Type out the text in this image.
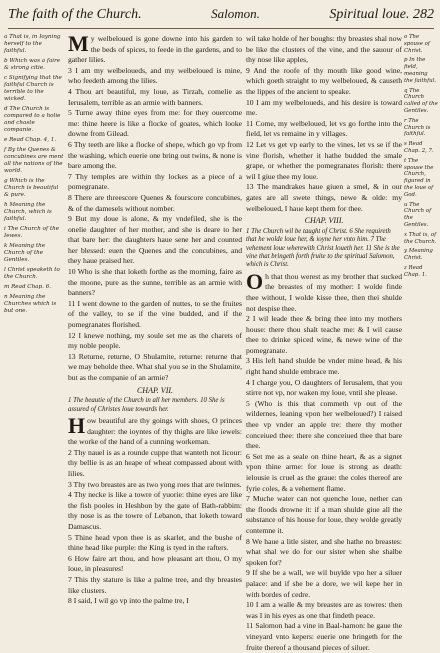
The faith of the Church.	Salomon.	Spiritual loue. 282
a That is, in Ioyning herself to the faithful.
b Which was a faire & strong citie.
c Signifying that the faithful Church is terrible to the wicked.
d The Church is compared to a holie and chaste companie.
e Read Chap. 4, 1.
f By the Quenes & concubines are ment all the nations of the world.
g Which is the Church is beautiful & pure.
h Meaning the Church, which is faithful.
i The Church of the Iewes.
k Meaning the Church of the Gentiles.
l Christ speaketh to the Church.
m Read Chap. 6.
n Meaning the Churches which is but one.

My welbeloued is gone downe into his garden to the beds of spices, to feede in the gardens, and to gather lilies.

3 I am my welbeloueds, and my welbeloued is mine, who feedeth among the lilies.

4 Thou art beautiful, my loue, as Tirzah, comelie as Ierusalem, terrible as an armie with banners.

5 Turne away thine eyes from me: for they ouercome me: thine heere is like a flocke of goates, which looke downe from Gilead.

6 Thy teeth are like a flocke of shepe, which go vp from the washing, which euerie one bring out twins, & none is bare among the.

7 Thy temples are within thy lockes as a piece of a pomegranate.

8 There are threescore Quenes & fourscore concubines, & of the damesels without nomber.

9 But my doue is alone, & my vndefiled, she is the onelie daughter of her mother, and she is deare to her that bare her: the daughters haue sene her and counted her blessed: euen the Quenes and the concubines, and they haue praised her.

10 Who is she that loketh forthe as the morning, faire as the moone, pure as the sunne, terrible as an armie with banners?

11 I went downe to the garden of nuttes, to se the fruites of the valley, to se if the vine budded, and if the pomegranates florished.

12 I knewe nothing, my soule set me as the charets of my noble people.

13 Returne, returne, O Shulamite, returne: returne that we may beholde thee. What shal you se in the Shulamite, but as the companie of an armie?

CHAP. VII.

1 The beautie of the Church in all her members. 10 She is assured of Christes loue towards her.

How beautiful are thy goings with shoes, O princes daughter: the ioyntes of thy thighs are like iewels: the worke of the hand of a cunning workeman.

2 Thy nauel is as a rounde cuppe that wanteth not licour: thy bellie is as an heape of wheat compassed about with lilies.

3 Thy two breastes are as two yong roes that are twinnes.

4 Thy necke is like a towre of yuorie: thine eyes are like the fish pooles in Heshbon by the gate of Bath-rabbim: thy nose is as the towre of Lebanon, that loketh toward Damascus.

5 Thine head vpon thee is as skarlet, and the bushe of thine head like purple: the King is tyed in the rafters.

6 How faire art thou, and how pleasant art thou, O my loue, in pleasures!

7 This thy stature is like a palme tree, and thy breastes like clusters.

8 I said, I wil go vp into the palme tre, I

wil take holde of her boughs: thy breastes shal now be like the clusters of the vine, and the sauour of thy nose like apples,

9 And the roofe of thy mouth like good wine, which goeth straight to my welbeloued, & causeth the lippes of the ancient to speake.

10 I am my welbeloueds, and his desire is toward me.

11 Come, my welbeloued, let vs go forthe into the field, let vs remaine in y villages.

12 Let vs get vp early to the vines, let vs se if the vine florish, whether it hathe budded the smale grape, or whether the pomegranates florish: there wil I giue thee my loue.

13 The mandrakes haue giuen a smel, & in our gates are all swete things, newe & olde: my welbeloued, I haue kept them for thee.

CHAP. VIII.

1 The Church wil be taught of Christ. 6 She requireth that he wolde loue her, & ioyne her vnto him. 7 The vehement loue wherewith Christ loueth her. 11 She is the vine that bringeth forth fruite to the spiritual Salomon, which is Christ.

Oh that thou werest as my brother that sucked the breastes of my mother: I wolde finde thee without, I wolde kisse thee, then thei shulde not despise thee.

2 I wil leade thee & bring thee into my mothers house: there thou shalt teache me: & I wil cause thee to drinke spiced wine, & newe wine of the pomegranate.

3 His left hand shulde be vnder mine head, & his right hand shulde embrace me.

4 I charge you, O daughters of Ierusalem, that you stirre not vp, nor waken my loue, vntil she please.

5 (Who is this that commeth vp out of the wildernes, leaning vpon her welbeloued?) I raised thee vp vnder an apple tre: there thy mother conceiued thee: there she conceiued thee that bare thee.

6 Set me as a seale on thine heart, & as a signet vpon thine arme: for loue is strong as death: ielousie is cruel as the graue: the coles thereof are fyrie coles, & a vehement flame.

7 Muche water can not quenche loue, nether can the floods drowne it: if a man shulde giue all the substance of his house for loue, they wolde greatly contemne it.

8 We haue a litle sister, and she hathe no breastes: what shal we do for our sister when she shalbe spoken for?

9 If she be a wall, we wil buylde vpo her a siluer palace: and if she be a dore, we wil kepe her in with bordes of cedre.

10 I am a walle & my breastes are as towres: then was I in his eyes as one that findeth peace.

11 Salomon had a vine in Baal-hamon: he gaue the vineyard vnto kepers: euerie one bringeth for the fruite thereof a thousand pieces of siluer.

o The spouse of Christ.
p In the field, meaning the faithful.
q The Church called of the Gentiles.
r The Church is faithful.
s Read Chap. 2, 7.
t The spouse the Church, figured in the loue of God.
u The Church of the Gentiles.
x That is, of the Church.
y Meaning Christ.
z Read Chap. 1.
